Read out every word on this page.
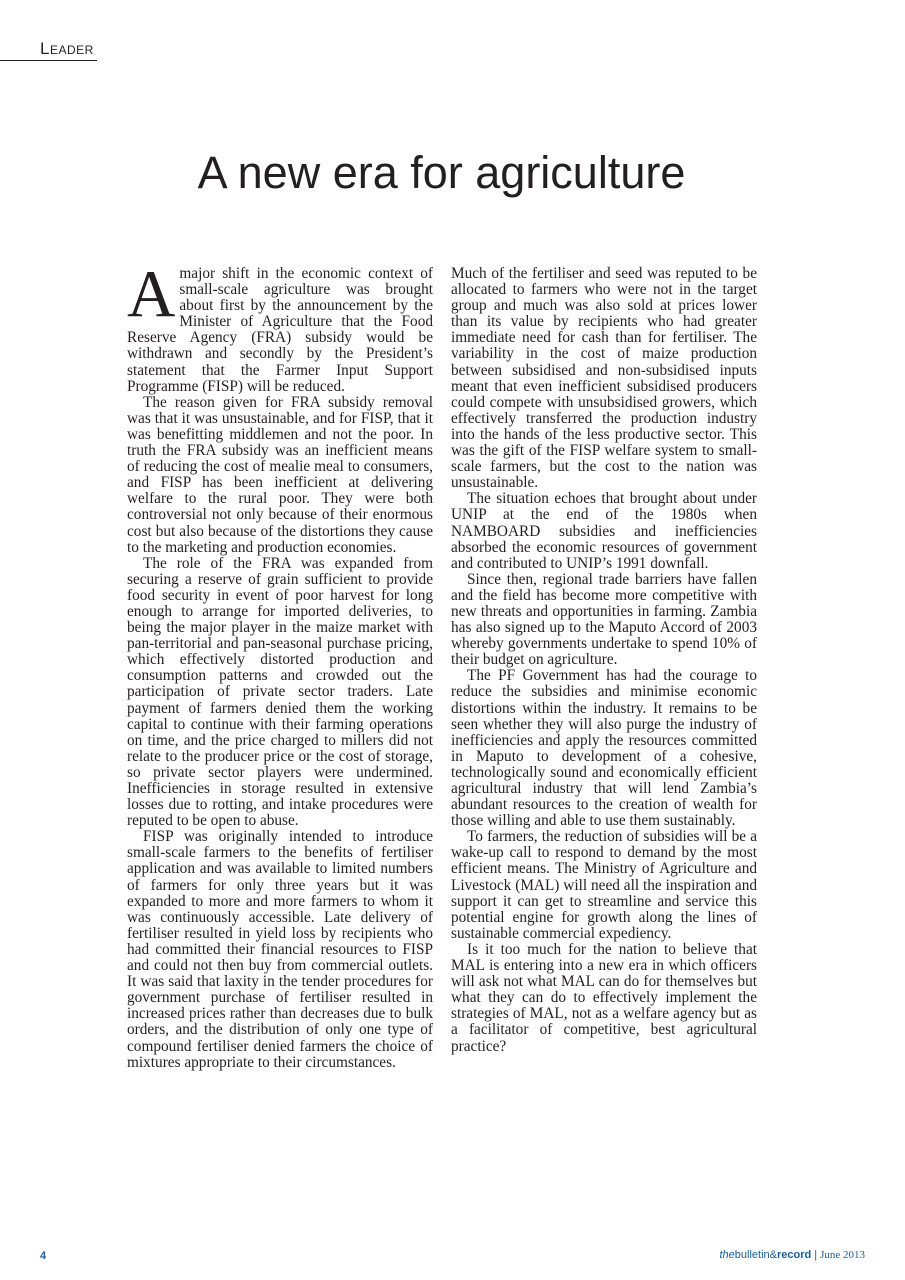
Leader
A new era for agriculture

Amajor shift in the economic context of small-scale agriculture was brought about first by the announcement by the Minister of Agriculture that the Food Reserve Agency (FRA) subsidy would be withdrawn and secondly by the President’s statement that the Farmer Input Support Programme (FISP) will be reduced.

The reason given for FRA subsidy removal was that it was unsustainable, and for FISP, that it was benefitting middlemen and not the poor. In truth the FRA subsidy was an inefficient means of reducing the cost of mealie meal to consumers, and FISP has been inefficient at delivering welfare to the rural poor. They were both controversial not only because of their enormous cost but also because of the distortions they cause to the marketing and production economies.

The role of the FRA was expanded from securing a reserve of grain sufficient to provide food security in event of poor harvest for long enough to arrange for imported deliveries, to being the major player in the maize market with pan-territorial and pan-seasonal purchase pricing, which effectively distorted production and consumption patterns and crowded out the participation of private sector traders. Late payment of farmers denied them the working capital to continue with their farming operations on time, and the price charged to millers did not relate to the producer price or the cost of storage, so private sector players were undermined. Inefficiencies in storage resulted in extensive losses due to rotting, and intake procedures were reputed to be open to abuse.

FISP was originally intended to introduce small-scale farmers to the benefits of fertiliser application and was available to limited numbers of farmers for only three years but it was expanded to more and more farmers to whom it was continuously accessible. Late delivery of fertiliser resulted in yield loss by recipients who had committed their financial resources to FISP and could not then buy from commercial outlets. It was said that laxity in the tender procedures for government purchase of fertiliser resulted in increased prices rather than decreases due to bulk orders, and the distribution of only one type of compound fertiliser denied farmers the choice of mixtures appropriate to their circumstances.

Much of the fertiliser and seed was reputed to be allocated to farmers who were not in the target group and much was also sold at prices lower than its value by recipients who had greater immediate need for cash than for fertiliser. The variability in the cost of maize production between subsidised and non-subsidised inputs meant that even inefficient subsidised producers could compete with unsubsidised growers, which effectively transferred the production industry into the hands of the less productive sector. This was the gift of the FISP welfare system to small-scale farmers, but the cost to the nation was unsustainable.

The situation echoes that brought about under UNIP at the end of the 1980s when NAMBOARD subsidies and inefficiencies absorbed the economic resources of government and contributed to UNIP’s 1991 downfall.

Since then, regional trade barriers have fallen and the field has become more competitive with new threats and opportunities in farming. Zambia has also signed up to the Maputo Accord of 2003 whereby governments undertake to spend 10% of their budget on agriculture.

The PF Government has had the courage to reduce the subsidies and minimise economic distortions within the industry. It remains to be seen whether they will also purge the industry of inefficiencies and apply the resources committed in Maputo to development of a cohesive, technologically sound and economically efficient agricultural industry that will lend Zambia’s abundant resources to the creation of wealth for those willing and able to use them sustainably.

To farmers, the reduction of subsidies will be a wake-up call to respond to demand by the most efficient means. The Ministry of Agriculture and Livestock (MAL) will need all the inspiration and support it can get to streamline and service this potential engine for growth along the lines of sustainable commercial expediency.

Is it too much for the nation to believe that MAL is entering into a new era in which officers will ask not what MAL can do for themselves but what they can do to effectively implement the strategies of MAL, not as a welfare agency but as a facilitator of competitive, best agricultural practice?

4	thebulletin&record | June 2013
